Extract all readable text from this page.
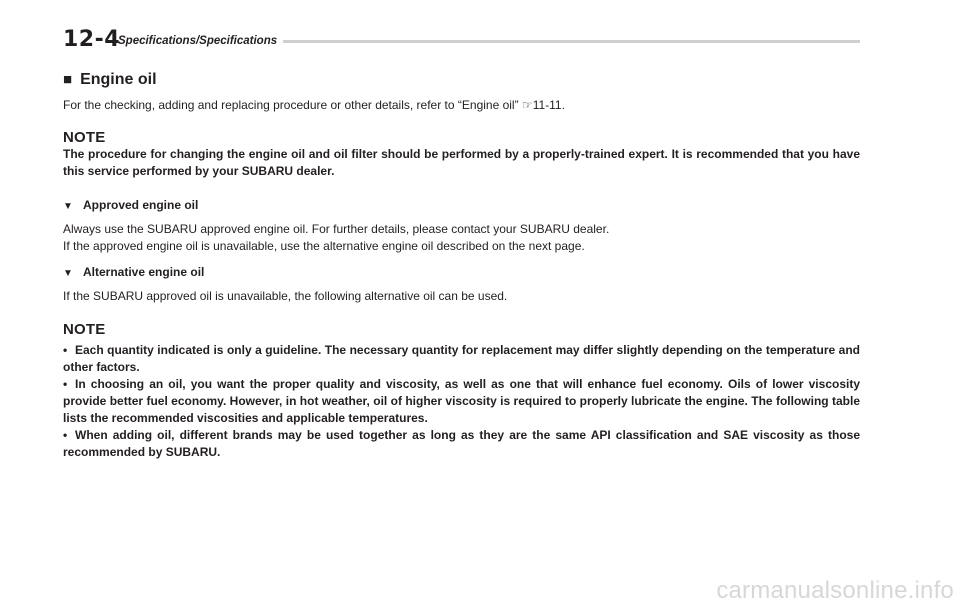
12-4
Specifications/Specifications
■ Engine oil

For the checking, adding and replacing procedure or other details, refer to “Engine oil” ☞11-11.

NOTE

The procedure for changing the engine oil and oil filter should be performed by a properly-trained expert. It is recommended that you have this service performed by your SUBARU dealer.

▼ Approved engine oil

Always use the SUBARU approved engine oil. For further details, please contact your SUBARU dealer.

If the approved engine oil is unavailable, use the alternative engine oil described on the next page.

▼ Alternative engine oil

If the SUBARU approved oil is unavailable, the following alternative oil can be used.

NOTE

• Each quantity indicated is only a guideline. The necessary quantity for replacement may differ slightly depending on the temperature and other factors.

• In choosing an oil, you want the proper quality and viscosity, as well as one that will enhance fuel economy. Oils of lower viscosity provide better fuel economy. However, in hot weather, oil of higher viscosity is required to properly lubricate the engine. The following table lists the recommended viscosities and applicable temperatures.

• When adding oil, different brands may be used together as long as they are the same API classification and SAE viscosity as those recommended by SUBARU.

carmanualsonline.info
